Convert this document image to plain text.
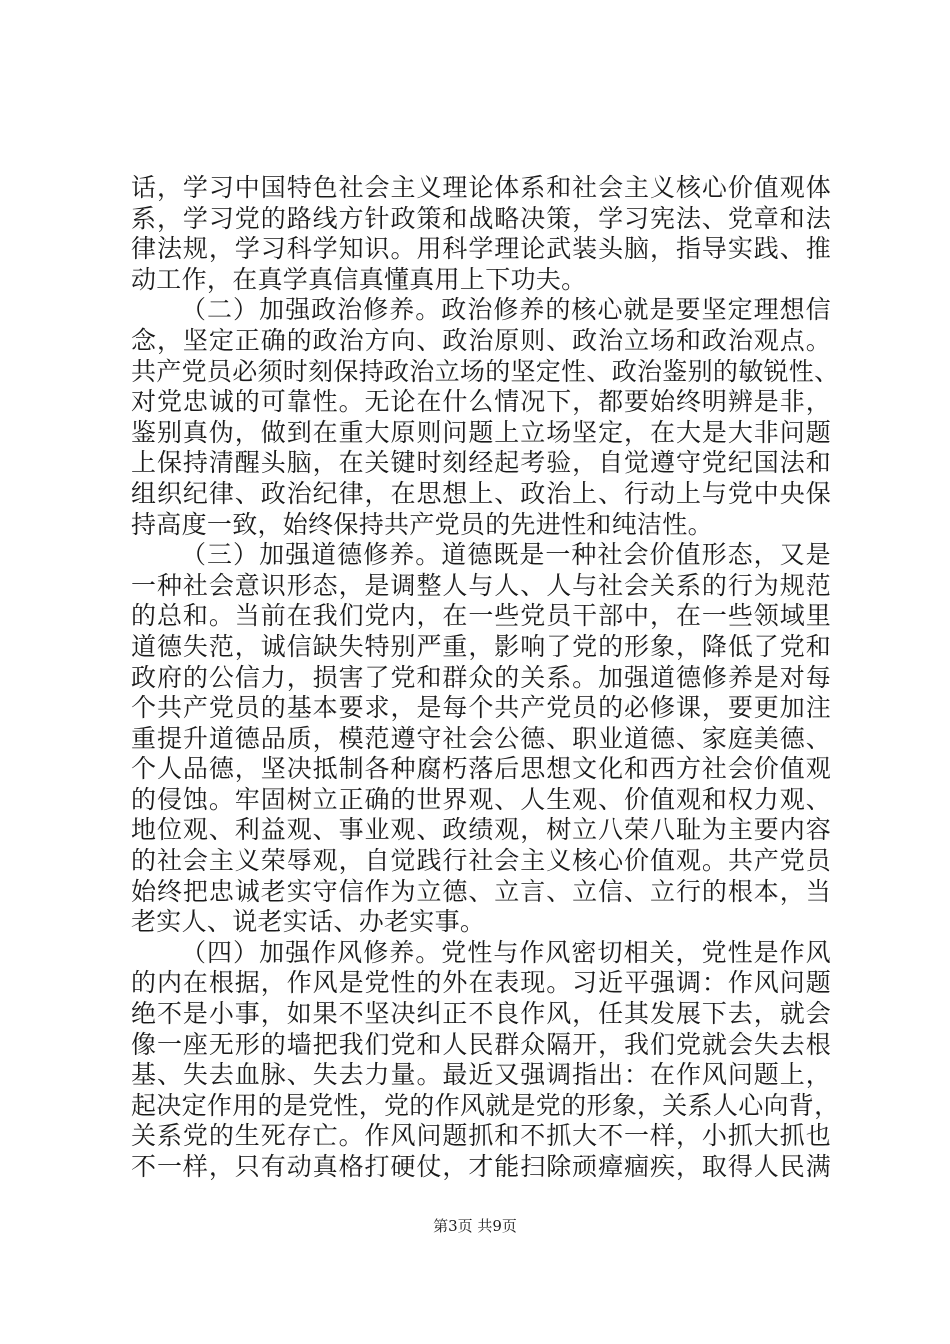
话，学习中国特色社会主义理论体系和社会主义核心价值观体
系，学习党的路线方针政策和战略决策，学习宪法、党章和法
律法规，学习科学知识。用科学理论武装头脑，指导实践、推
动工作，在真学真信真懂真用上下功夫。
（二）加强政治修养。政治修养的核心就是要坚定理想信
念，坚定正确的政治方向、政治原则、政治立场和政治观点。
共产党员必须时刻保持政治立场的坚定性、政治鉴别的敏锐性、
对党忠诚的可靠性。无论在什么情况下，都要始终明辨是非，
鉴别真伪，做到在重大原则问题上立场坚定，在大是大非问题
上保持清醒头脑，在关键时刻经起考验，自觉遵守党纪国法和
组织纪律、政治纪律，在思想上、政治上、行动上与党中央保
持高度一致，始终保持共产党员的先进性和纯洁性。
（三）加强道德修养。道德既是一种社会价值形态，又是
一种社会意识形态，是调整人与人、人与社会关系的行为规范
的总和。当前在我们党内，在一些党员干部中，在一些领域里
道德失范，诚信缺失特别严重，影响了党的形象，降低了党和
政府的公信力，损害了党和群众的关系。加强道德修养是对每
个共产党员的基本要求，是每个共产党员的必修课，要更加注
重提升道德品质，模范遵守社会公德、职业道德、家庭美德、
个人品德，坚决抵制各种腐朽落后思想文化和西方社会价值观
的侵蚀。牢固树立正确的世界观、人生观、价值观和权力观、
地位观、利益观、事业观、政绩观，树立八荣八耻为主要内容
的社会主义荣辱观，自觉践行社会主义核心价值观。共产党员
始终把忠诚老实守信作为立德、立言、立信、立行的根本，当
老实人、说老实话、办老实事。
（四）加强作风修养。党性与作风密切相关，党性是作风
的内在根据，作风是党性的外在表现。习近平强调：作风问题
绝不是小事，如果不坚决纠正不良作风，任其发展下去，就会
像一座无形的墙把我们党和人民群众隔开，我们党就会失去根
基、失去血脉、失去力量。最近又强调指出：在作风问题上，
起决定作用的是党性，党的作风就是党的形象，关系人心向背，
关系党的生死存亡。作风问题抓和不抓大不一样，小抓大抓也
不一样，只有动真格打硬仗，才能扫除顽瘴痼疾，取得人民满
第3页 共9页
